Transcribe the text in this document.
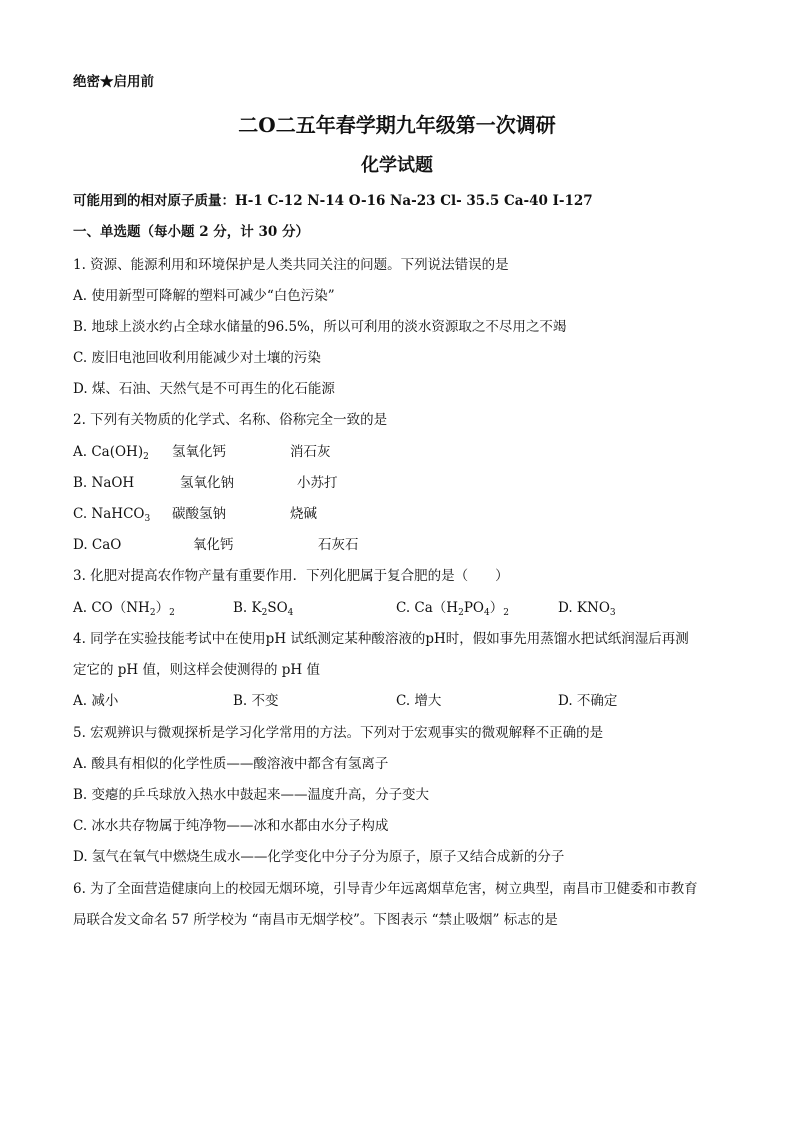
绝密★启用前
二O二五年春学期九年级第一次调研
化学试题
可能用到的相对原子质量：H-1 C-12 N-14 O-16 Na-23 Cl- 35.5 Ca-40 I-127
一、单选题（每小题 2 分，计 30 分）
1. 资源、能源利用和环境保护是人类共同关注的问题。下列说法错误的是
A. 使用新型可降解的塑料可减少“白色污染”
B. 地球上淡水约占全球水储量的96.5%，所以可利用的淡水资源取之不尽用之不竭
C. 废旧电池回收利用能减少对土壤的污染
D. 煤、石油、天然气是不可再生的化石能源
2. 下列有关物质的化学式、名称、俗称完全一致的是
A. $Ca(OH)_2$ 氢氧化钙	消石灰
B. NaOH	氢氧化钠	小苏打
C. NaHCO$_3$ 碳酸氢钠	烧碱
D. CaO	氧化钙	石灰石
3. 化肥对提高农作物产量有重要作用．下列化肥属于复合肥的是（　　）
A. $CO(NH_2)_2$	B. $K_2SO_4$	C. $Ca(H_2PO_4)_2$	D. $KNO_3$
4. 同学在实验技能考试中在使用pH 试纸测定某种酸溶液的pH时，假如事先用蒸馏水把试纸润湿后再测
定它的 pH 值，则这样会使测得的 pH 值
A. 减小	B. 不变	C. 增大	D. 不确定
5. 宏观辨识与微观探析是学习化学常用的方法。下列对于宏观事实的微观解释不正确的是
A. 酸具有相似的化学性质——酸溶液中都含有氢离子
B. 变瘪的乒乓球放入热水中鼓起来——温度升高，分子变大
C. 冰水共存物属于纯净物——冰和水都由水分子构成
D. 氢气在氧气中燃烧生成水——化学变化中分子分为原子，原子又结合成新的分子
6. 为了全面营造健康向上的校园无烟环境，引导青少年远离烟草危害，树立典型，南昌市卫健委和市教育
局联合发文命名 57 所学校为 “南昌市无烟学校”。下图表示 “禁止吸烟” 标志的是
